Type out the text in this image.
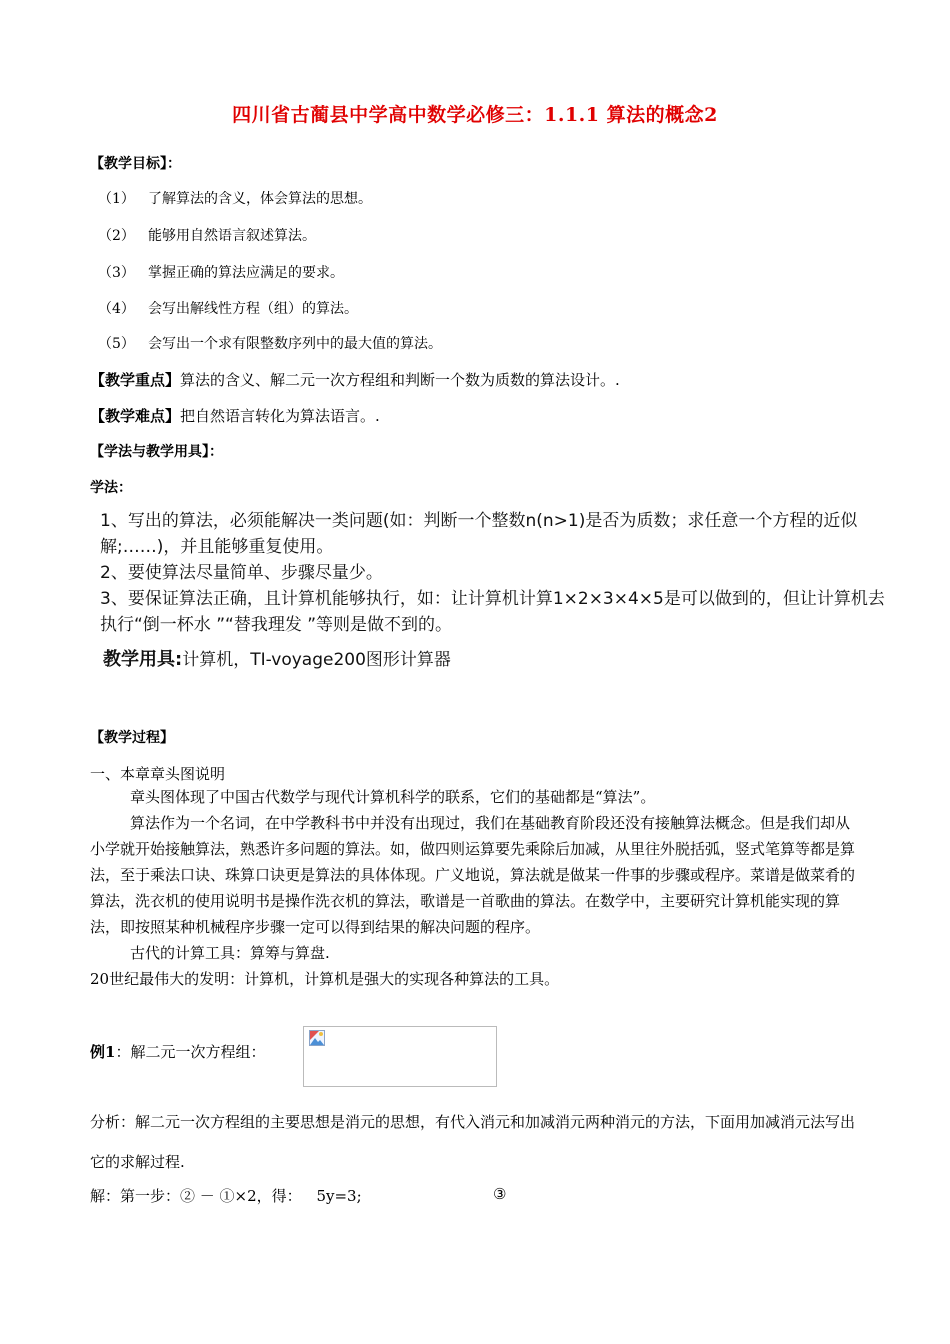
四川省古蔺县中学高中数学必修三：1.1.1 算法的概念2
【教学目标】：
（1） 了解算法的含义，体会算法的思想。
（2） 能够用自然语言叙述算法。
（3） 掌握正确的算法应满足的要求。
（4） 会写出解线性方程（组）的算法。
（5） 会写出一个求有限整数序列中的最大值的算法。
【教学重点】算法的含义、解二元一次方程组和判断一个数为质数的算法设计。.
【教学难点】把自然语言转化为算法语言。.
【学法与教学用具】：
学法：

1、写出的算法，必须能解决一类问题(如：判断一个整数n(n>1)是否为质数；求任意一个方程的近似解;……)，并且能够重复使用。

2、要使算法尽量简单、步骤尽量少。

3、要保证算法正确，且计算机能够执行，如：让计算机计算1×2×3×4×5是可以做到的，但让计算机去执行“倒一杯水 ”“替我理发 ”等则是做不到的。

教学用具:计算机，TI-voyage200图形计算器
【教学过程】
一、本章章头图说明

章头图体现了中国古代数学与现代计算机科学的联系，它们的基础都是“算法”。

算法作为一个名词，在中学教科书中并没有出现过，我们在基础教育阶段还没有接触算法概念。但是我们却从小学就开始接触算法，熟悉许多问题的算法。如，做四则运算要先乘除后加减，从里往外脱括弧，竖式笔算等都是算法，至于乘法口诀、珠算口诀更是算法的具体体现。广义地说，算法就是做某一件事的步骤或程序。菜谱是做菜肴的算法，洗衣机的使用说明书是操作洗衣机的算法，歌谱是一首歌曲的算法。在数学中，主要研究计算机能实现的算法，即按照某种机械程序步骤一定可以得到结果的解决问题的程序。

古代的计算工具：算筹与算盘.

20世纪最伟大的发明：计算机，计算机是强大的实现各种算法的工具。

例1：解二元一次方程组：
分析：解二元一次方程组的主要思想是消元的思想，有代入消元和加减消元两种消元的方法，下面用加减消元法写出它的求解过程.
解：第一步：② － ①×2，得： 5y=3;	③
